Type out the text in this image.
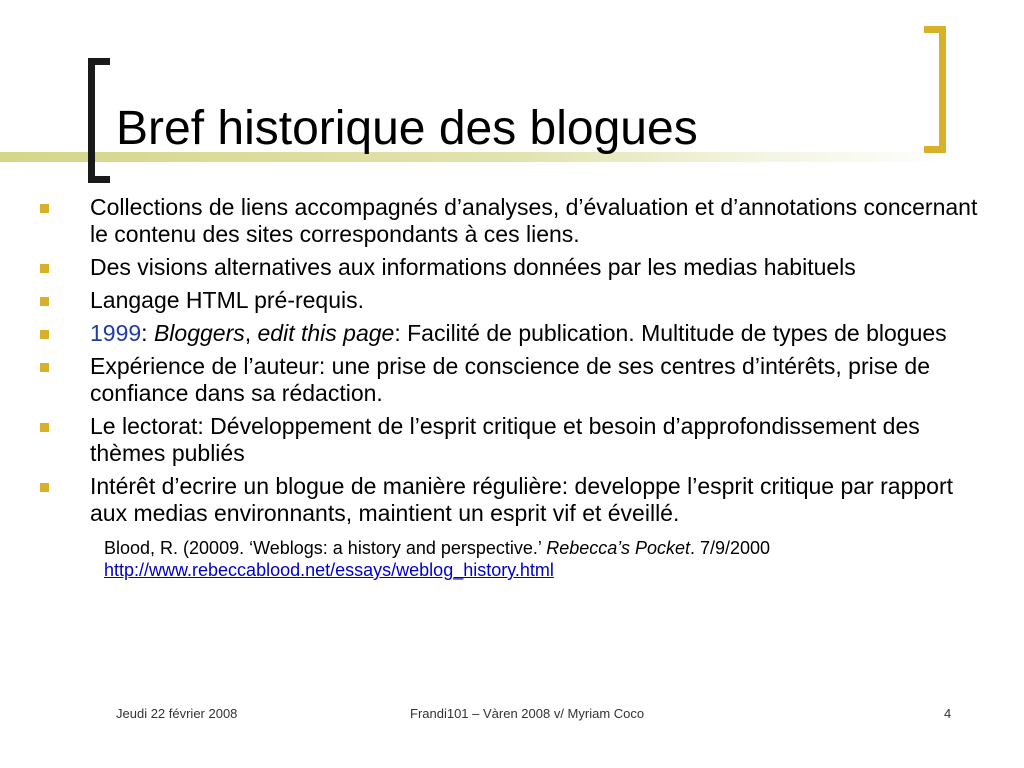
Bref historique des blogues
Collections de liens accompagnés d’analyses, d’évaluation et d’annotations concernant le contenu des sites correspondants à ces liens.
Des visions alternatives aux informations données par les medias habituels
Langage HTML pré-requis.
1999: Bloggers, edit this page: Facilité de publication. Multitude de types de blogues
Expérience de l’auteur: une prise de conscience de ses centres d’intérêts, prise de confiance dans sa rédaction.
Le lectorat: Développement de l’esprit critique et besoin d’approfondissement des thèmes publiés
Intérêt d’ecrire un blogue de manière régulière: developpe l’esprit critique par rapport aux medias environnants, maintient un esprit vif et éveillé.
Blood, R. (20009. ‘Weblogs: a history and perspective.’ Rebecca’s Pocket. 7/9/2000
http://www.rebeccablood.net/essays/weblog_history.html
Jeudi 22 février 2008	Frandi101 – Vàren 2008 v/ Myriam Coco	4
